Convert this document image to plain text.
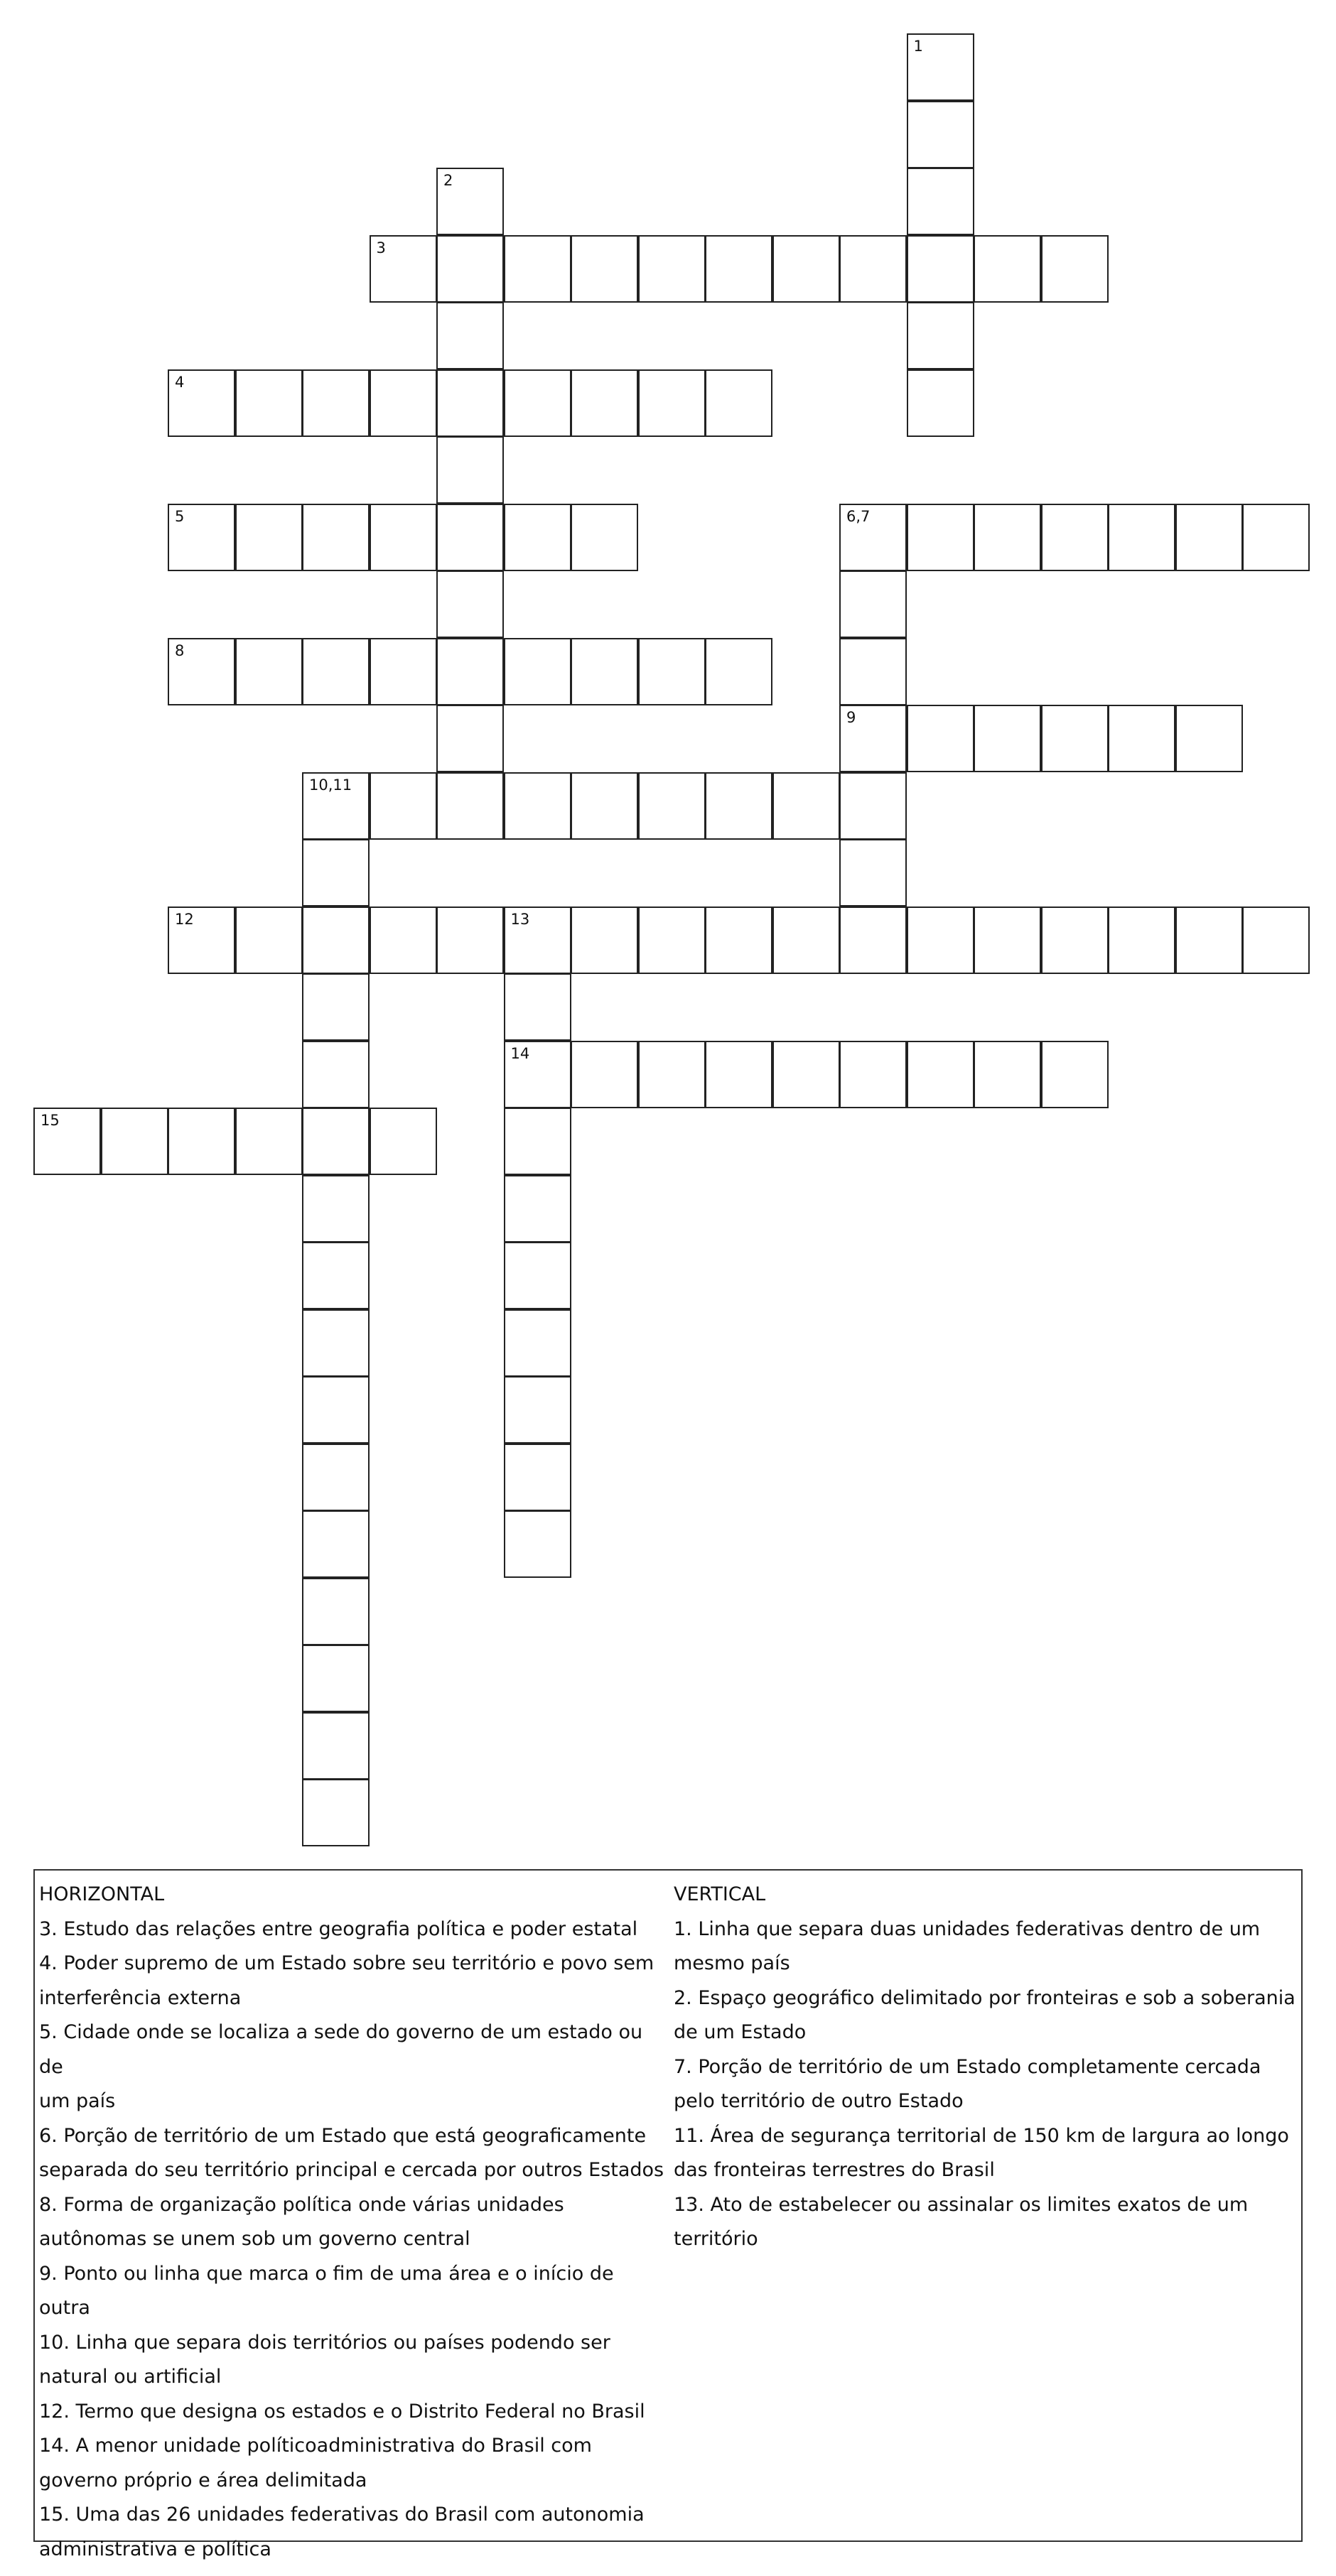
1
2
3
4
5	6,7
8
9
10,11
12	13
14
15
HORIZONTAL
3. Estudo das relações entre geografia política e poder estatal
4. Poder supremo de um Estado sobre seu território e povo sem
interferência externa
5. Cidade onde se localiza a sede do governo de um estado ou de
um país
6. Porção de território de um Estado que está geograficamente
separada do seu território principal e cercada por outros Estados
8. Forma de organização política onde várias unidades
autônomas se unem sob um governo central
9. Ponto ou linha que marca o fim de uma área e o início de outra
10. Linha que separa dois territórios ou países podendo ser
natural ou artificial
12. Termo que designa os estados e o Distrito Federal no Brasil
14. A menor unidade políticoadministrativa do Brasil com
governo próprio e área delimitada
15. Uma das 26 unidades federativas do Brasil com autonomia
administrativa e política
VERTICAL
1. Linha que separa duas unidades federativas dentro de um
mesmo país
2. Espaço geográfico delimitado por fronteiras e sob a soberania
de um Estado
7. Porção de território de um Estado completamente cercada
pelo território de outro Estado
11. Área de segurança territorial de 150 km de largura ao longo
das fronteiras terrestres do Brasil
13. Ato de estabelecer ou assinalar os limites exatos de um
território
